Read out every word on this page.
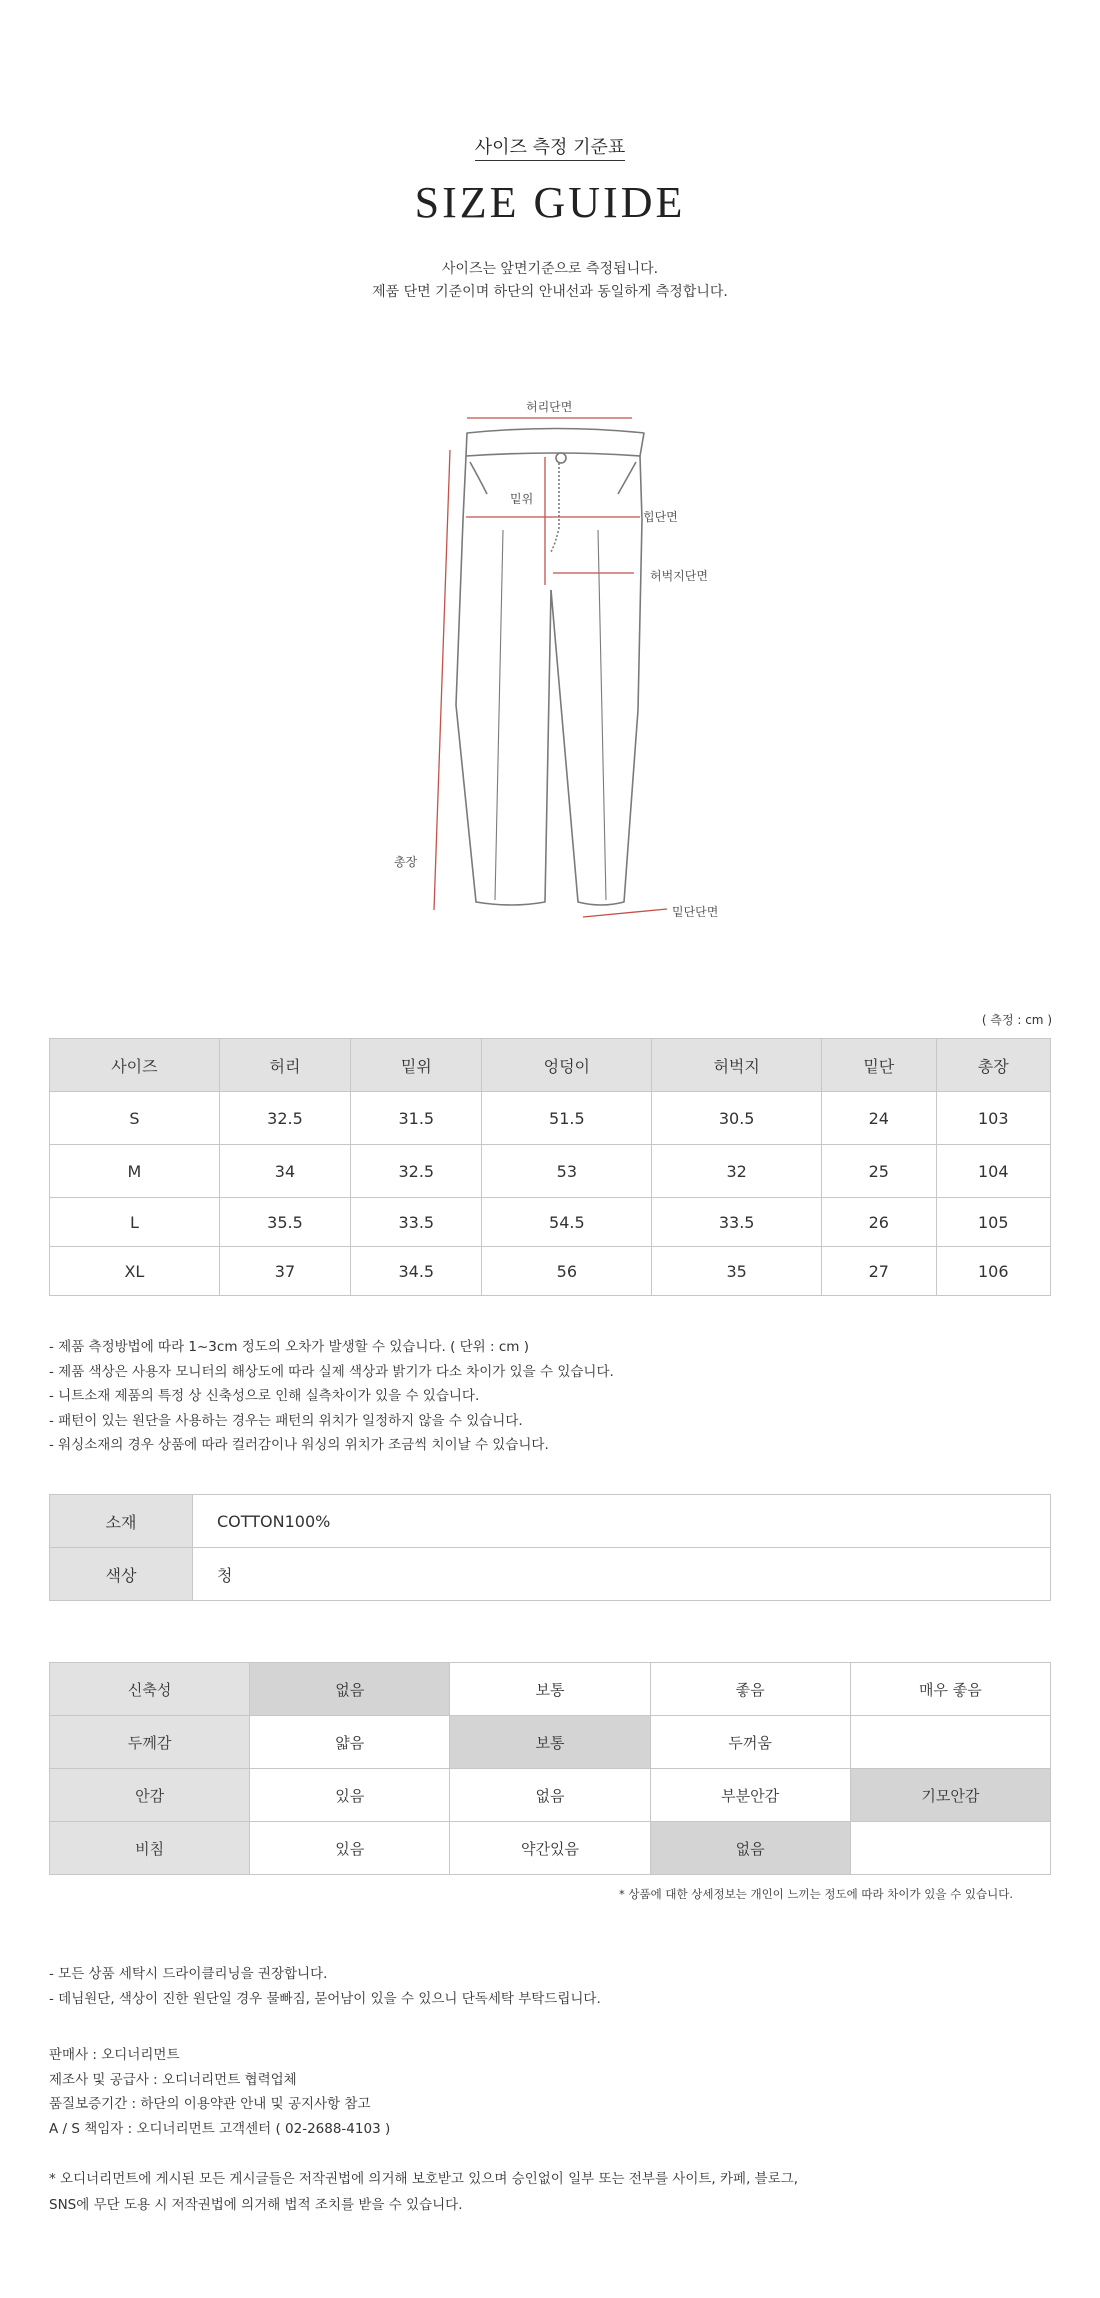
사이즈 측정 기준표
SIZE GUIDE
사이즈는 앞면기준으로 측정됩니다.
제품 단면 기준이며 하단의 안내선과 동일하게 측정합니다.
허리단면
밑위
힙단면
허벅지단면
총장
밑단단면
( 측정 : cm )
사이즈	허리	밑위	엉덩이	허벅지	밑단	총장
S	32.5	31.5	51.5	30.5	24	103
M	34	32.5	53	32	25	104
L	35.5	33.5	54.5	33.5	26	105
XL	37	34.5	56	35	27	106
- 제품 측정방법에 따라 1~3cm 정도의 오차가 발생할 수 있습니다. ( 단위 : cm )
- 제품 색상은 사용자 모니터의 해상도에 따라 실제 색상과 밝기가 다소 차이가 있을 수 있습니다.
- 니트소재 제품의 특정 상 신축성으로 인해 실측차이가 있을 수 있습니다.
- 패턴이 있는 원단을 사용하는 경우는 패턴의 위치가 일정하지 않을 수 있습니다.
- 워싱소재의 경우 상품에 따라 컬러감이나 워싱의 위치가 조금씩 치이날 수 있습니다.
소재	COTTON100%
색상	청
신축성	없음	보통	좋음	매우 좋음
두께감	얇음	보통	두꺼움	
안감	있음	없음	부분안감	기모안감
비침	있음	약간있음	없음	
* 상품에 대한 상세정보는 개인이 느끼는 정도에 따라 차이가 있을 수 있습니다.
- 모든 상품 세탁시 드라이클리닝을 권장합니다.
- 데님원단, 색상이 진한 원단일 경우 물빠짐, 묻어남이 있을 수 있으니 단독세탁 부탁드립니다.
판매사 : 오디너리먼트
제조사 및 공급사 : 오디너리먼트 협력업체
품질보증기간 : 하단의 이용약관 안내 및 공지사항 참고
A / S 책임자 : 오디너리먼트 고객센터 ( 02-2688-4103 )
* 오디너리먼트에 게시된 모든 게시글들은 저작권법에 의거해 보호받고 있으며 승인없이 일부 또는 전부를 사이트, 카페, 블로그,
SNS에 무단 도용 시 저작권법에 의거해 법적 조치를 받을 수 있습니다.
